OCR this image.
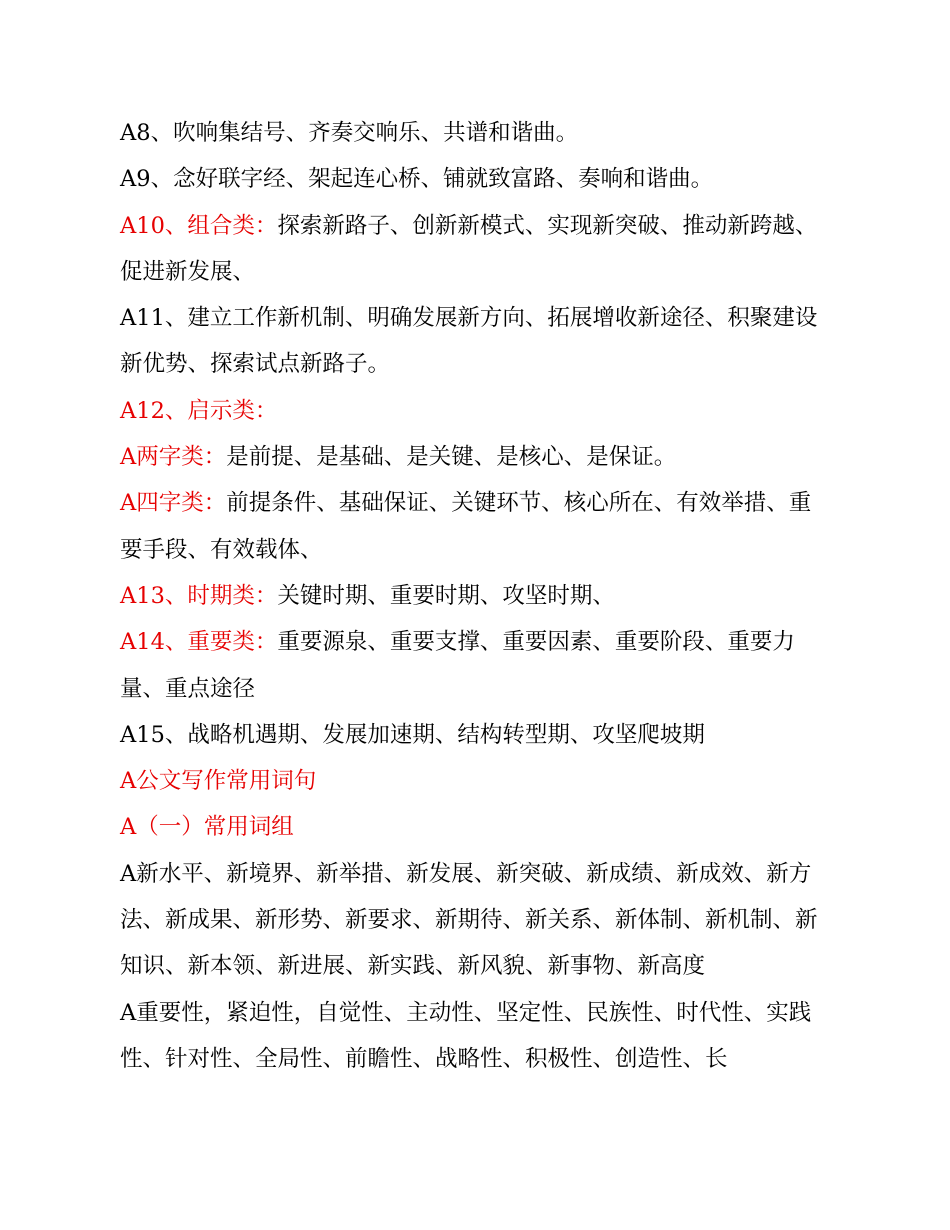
A8、吹响集结号、齐奏交响乐、共谱和谐曲。

A9、念好联字经、架起连心桥、铺就致富路、奏响和谐曲。

A10、组合类：探索新路子、创新新模式、实现新突破、推动新跨越、促进新发展、

A11、建立工作新机制、明确发展新方向、拓展增收新途径、积聚建设新优势、探索试点新路子。

A12、启示类：

A两字类：是前提、是基础、是关键、是核心、是保证。

A四字类：前提条件、基础保证、关键环节、核心所在、有效举措、重要手段、有效载体、

A13、时期类：关键时期、重要时期、攻坚时期、

A14、重要类：重要源泉、重要支撑、重要因素、重要阶段、重要力量、重点途径

A15、战略机遇期、发展加速期、结构转型期、攻坚爬坡期

A公文写作常用词句

A（一）常用词组

A新水平、新境界、新举措、新发展、新突破、新成绩、新成效、新方法、新成果、新形势、新要求、新期待、新关系、新体制、新机制、新知识、新本领、新进展、新实践、新风貌、新事物、新高度

A重要性，紧迫性，自觉性、主动性、坚定性、民族性、时代性、实践性、针对性、全局性、前瞻性、战略性、积极性、创造性、长
